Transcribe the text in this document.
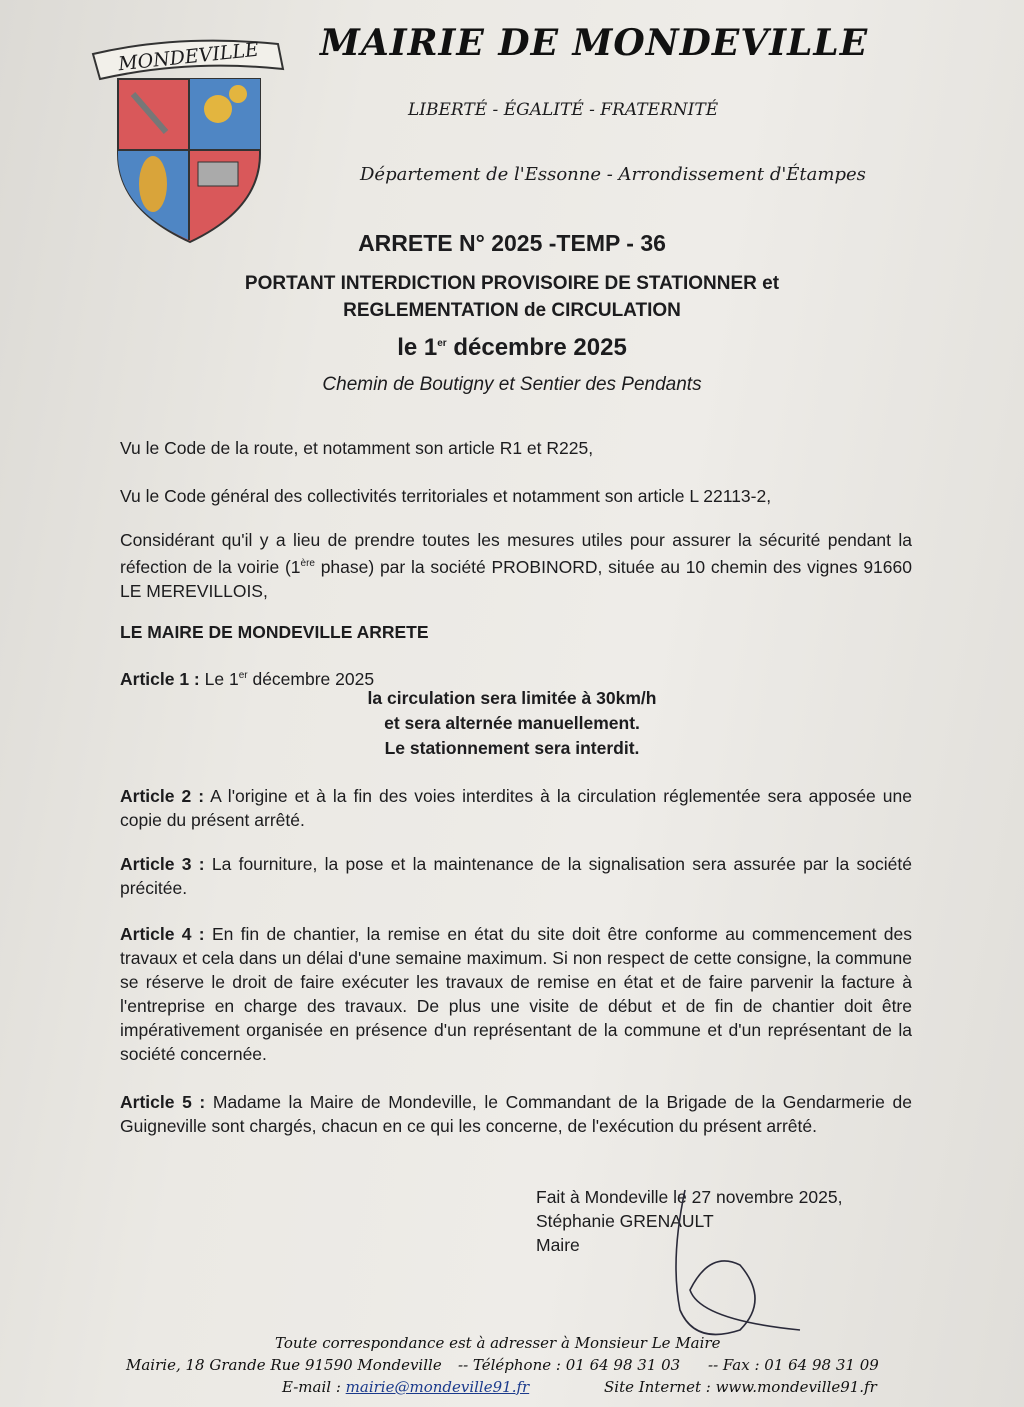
MONDEVILLE MAIRIE DE MONDEVILLE
LIBERTÉ - ÉGALITÉ - FRATERNITÉ
Département de l'Essonne - Arrondissement d'Étampes
ARRETE N° 2025 -TEMP - 36
PORTANT INTERDICTION PROVISOIRE DE STATIONNER et
REGLEMENTATION de CIRCULATION
le 1er décembre 2025
Chemin de Boutigny et Sentier des Pendants
Vu le Code de la route, et notamment son article R1 et R225,
Vu le Code général des collectivités territoriales et notamment son article L 22113-2,
Considérant qu'il y a lieu de prendre toutes les mesures utiles pour assurer la sécurité pendant la réfection de la voirie (1ère phase) par la société PROBINORD, située au 10 chemin des vignes 91660 LE MEREVILLOIS,
LE MAIRE DE MONDEVILLE ARRETE
Article 1 : Le 1er décembre 2025
la circulation sera limitée à 30km/h
et sera alternée manuellement.
Le stationnement sera interdit.
Article 2 : A l'origine et à la fin des voies interdites à la circulation réglementée sera apposée une copie du présent arrêté.
Article 3 : La fourniture, la pose et la maintenance de la signalisation sera assurée par la société précitée.
Article 4 : En fin de chantier, la remise en état du site doit être conforme au commencement des travaux et cela dans un délai d'une semaine maximum. Si non respect de cette consigne, la commune se réserve le droit de faire exécuter les travaux de remise en état et de faire parvenir la facture à l'entreprise en charge des travaux. De plus une visite de début et de fin de chantier doit être impérativement organisée en présence d'un représentant de la commune et d'un représentant de la société concernée.
Article 5 : Madame la Maire de Mondeville, le Commandant de la Brigade de la Gendarmerie de Guigneville sont chargés, chacun en ce qui les concerne, de l'exécution du présent arrêté.
Fait à Mondeville le 27 novembre 2025,
Stéphanie GRENAULT
Maire
Toute correspondance est à adresser à Monsieur Le Maire
Mairie, 18 Grande Rue 91590 Mondeville -- Téléphone : 01 64 98 31 03 -- Fax : 01 64 98 31 09
E-mail : mairie@mondeville91.fr	Site Internet : www.mondeville91.fr
